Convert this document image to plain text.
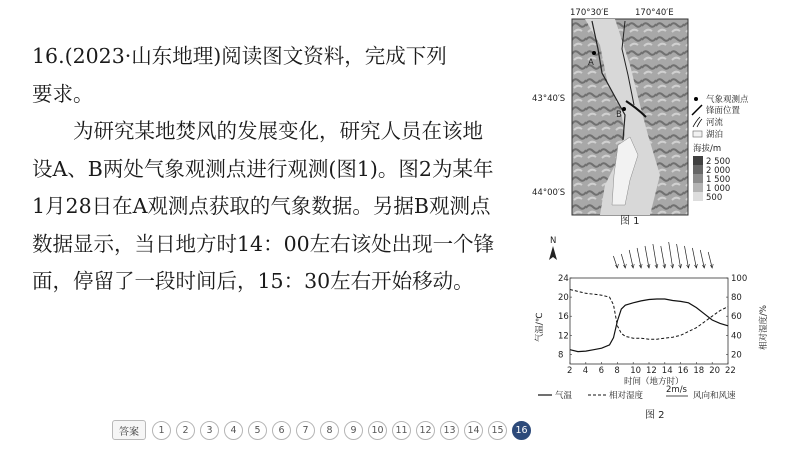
16.(2023·山东地理)阅读图文资料，完成下列

要求。

为研究某地焚风的发展变化，研究人员在该地设A、B两处气象观测点进行观测(图1)。图2为某年1月28日在A观测点获取的气象数据。另据B观测点数据显示，当日地方时14：00左右该处出现一个锋面，停留了一段时间后，15：30左右开始移动。

170°30′E	170°40′E
A
B
43°40′S
44°00′S
气象观测点
锋面位置
河流
湖泊
海拔/m
2 500
2 000
1 500
1 000
500
图 1
N
2 4 6 8 10 12 14 16 18 20 22
24
20
16
12
8
100
80
60
40
20
气温/℃	相对湿度/%
时间（地方时）
气温	相对湿度
2m/s
风向和风速
图 2
答案	1	2	3	4	5	6	7	8	9	10	11	12	13	14	15	16
